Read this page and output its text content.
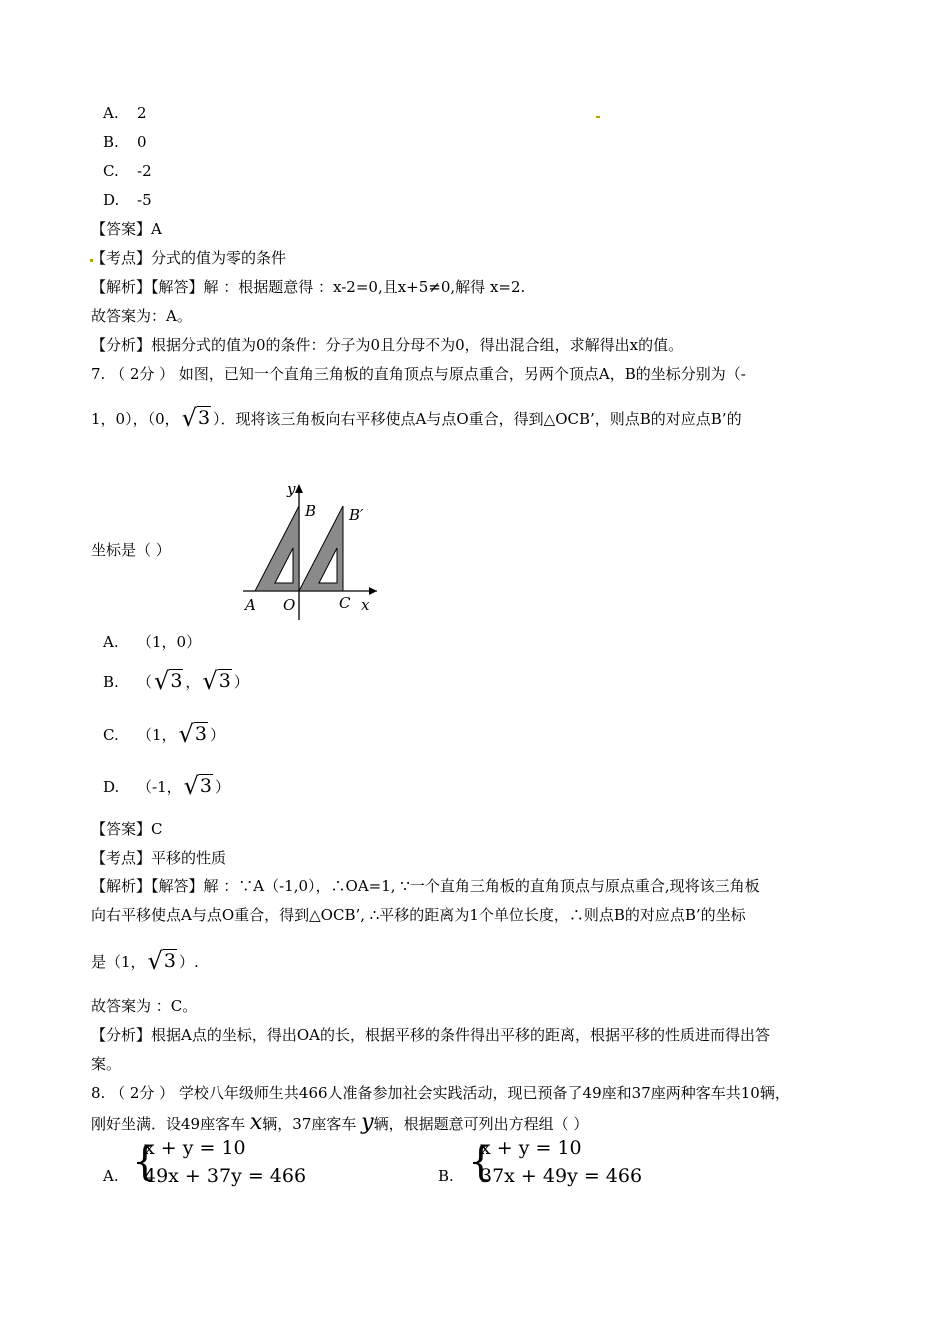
A. 2
B. 0
C. -2
D. -5
【答案】A
【考点】分式的值为零的条件
【解析】【解答】解 ：根据题意得 ：x-2=0,且x+5≠0,解得 x=2.
故答案为：A。
【分析】根据分式的值为0的条件：分子为0且分母不为0，得出混合组，求解得出x的值。
7. （ 2分 ） 如图，已知一个直角三角板的直角顶点与原点重合，另两个顶点A，B的坐标分别为（-
1，0），（0，√3 ）．现将该三角板向右平移使点A与点O重合，得到△OCB’，则点B的对应点B’的
坐标是（ ）
y
B B′
A O	C x
A. （1，0）
B. （√3 ，√3 ）
C. （1，√3 ）
D. （-1，√3 ）
【答案】C
【考点】平移的性质
【解析】【解答】解 ：∵A（-1,0），∴OA=1, ∵一个直角三角板的直角顶点与原点重合,现将该三角板
向右平移使点A与点O重合，得到△OCB’, ∴平移的距离为1个单位长度，∴则点B的对应点B’的坐标
是（1，√3 ）.
故答案为 ：C。
【分析】根据A点的坐标，得出OA的长，根据平移的条件得出平移的距离，根据平移的性质进而得出答
案。
8. （ 2分 ） 学校八年级师生共466人准备参加社会实践活动，现已预备了49座和37座两种客车共10辆，
刚好坐满．设49座客车 x辆，37座客车 y辆，根据题意可列出方程组（ ）
A. {
x + y = 10
49x + 37y = 466	B. {
x + y = 10
37x + 49y = 466
